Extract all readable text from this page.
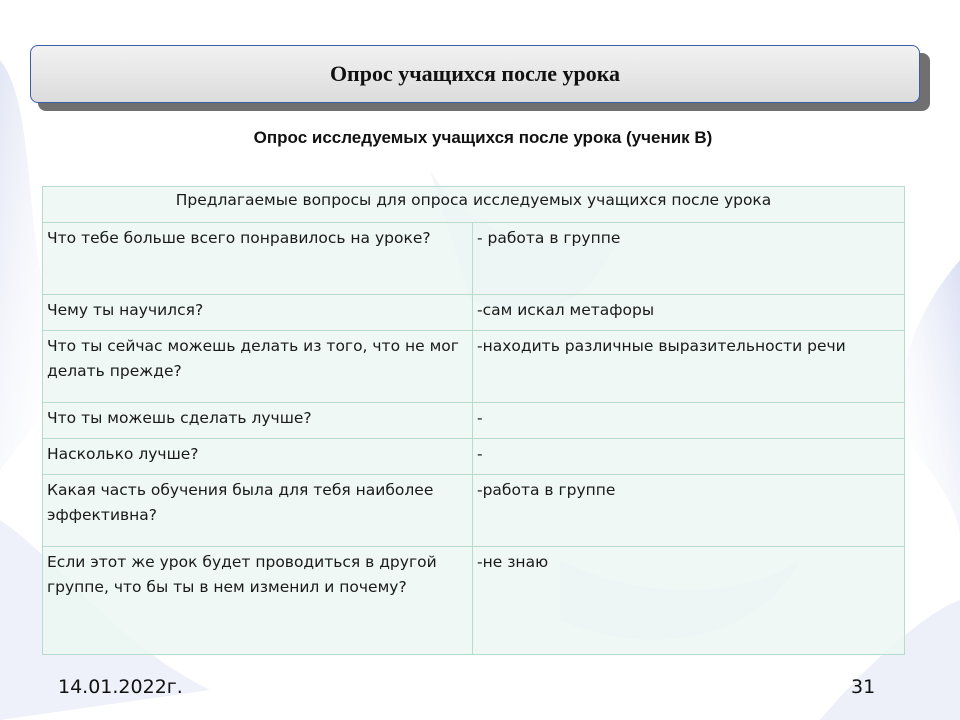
Опрос учащихся после урока
Опрос исследуемых учащихся после урока (ученик В)
Предлагаемые вопросы для опроса исследуемых учащихся после урока	
Что тебе больше всего понравилось на уроке?	- работа в группе
Чему ты научился?	-сам искал метафоры
Что ты сейчас можешь делать из того, что не мог делать прежде?	-находить различные выразительности речи
Что ты можешь сделать лучше?	-
Насколько лучше?	-
Какая часть обучения была для тебя наиболее эффективна?	-работа в группе
Если этот же урок будет проводиться в другой группе, что бы ты в нем изменил и почему?	-не знаю
14.01.2022г.	31
